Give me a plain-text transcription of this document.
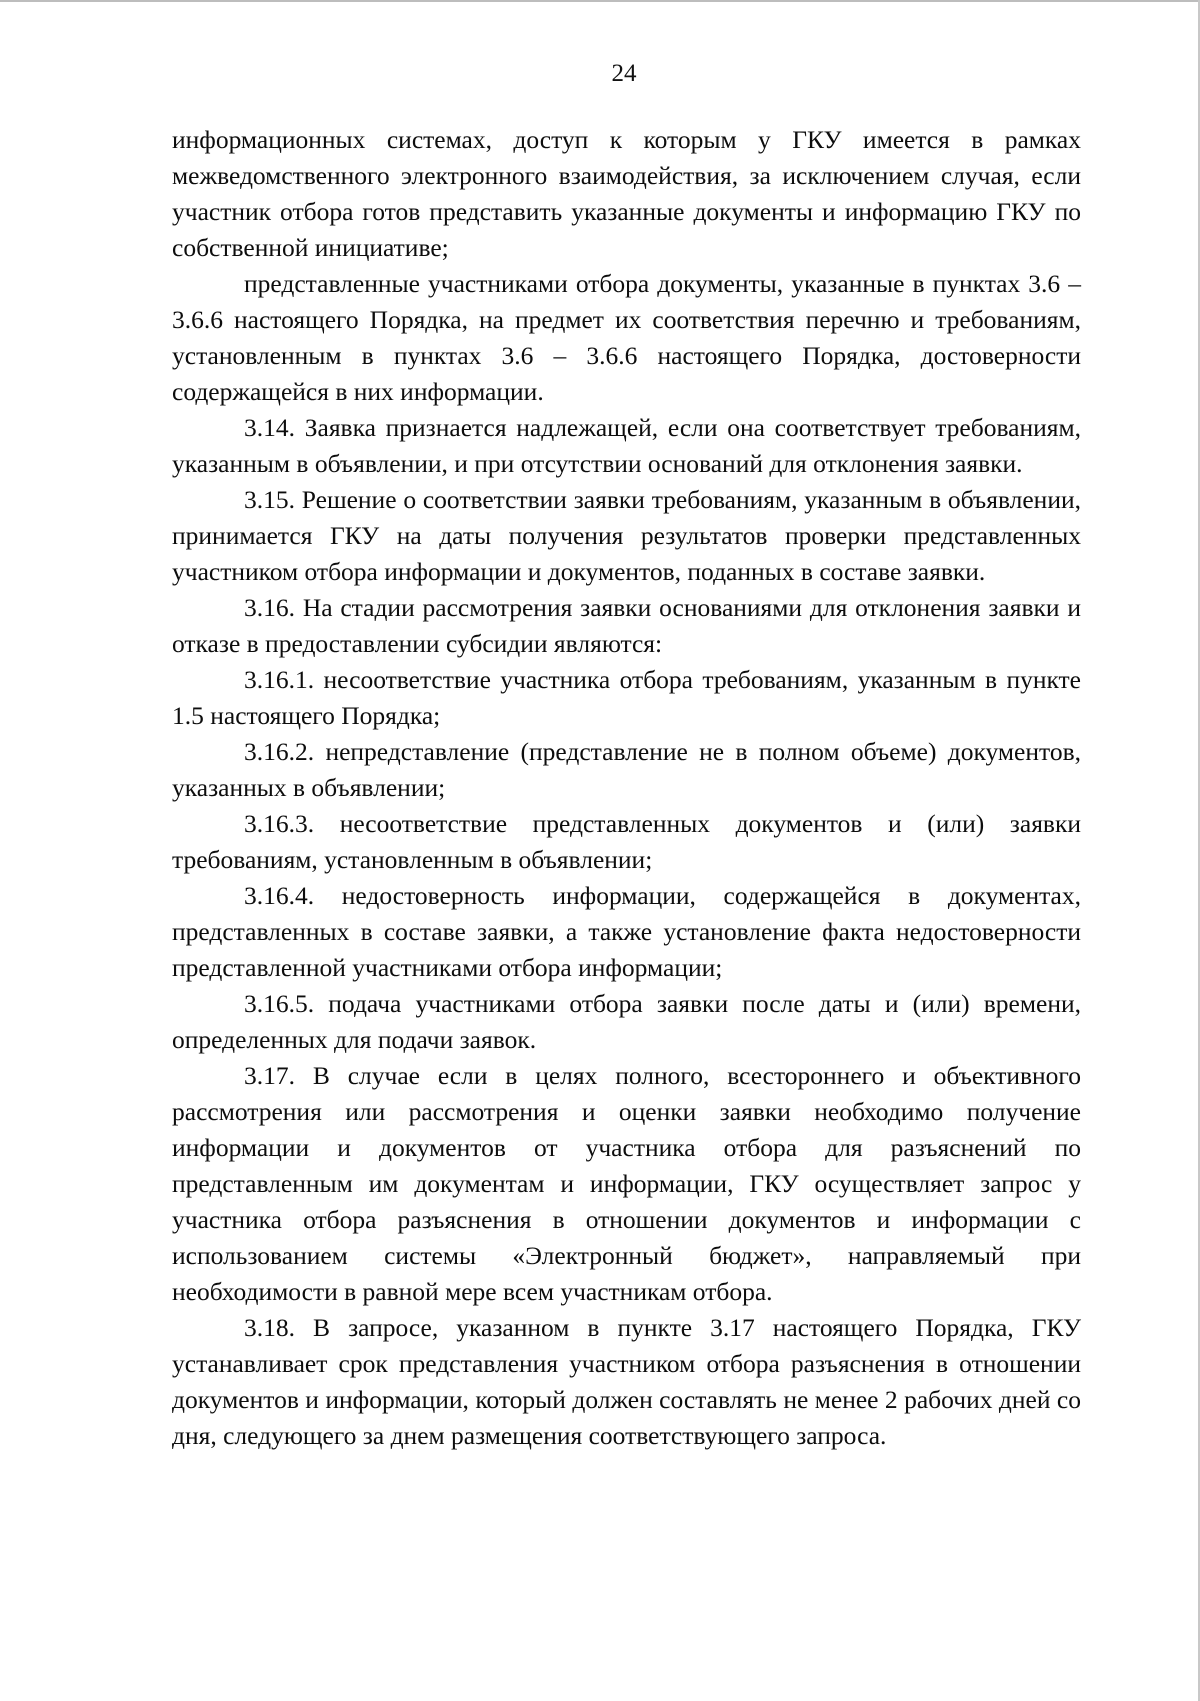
24

информационных системах, доступ к которым у ГКУ имеется в рамках межведомственного электронного взаимодействия, за исключением случая, если участник отбора готов представить указанные документы и информацию ГКУ по собственной инициативе;

представленные участниками отбора документы, указанные в пунктах 3.6 – 3.6.6 настоящего Порядка, на предмет их соответствия перечню и требованиям, установленным в пунктах 3.6 – 3.6.6 настоящего Порядка, достоверности содержащейся в них информации.

3.14. Заявка признается надлежащей, если она соответствует требованиям, указанным в объявлении, и при отсутствии оснований для отклонения заявки.

3.15. Решение о соответствии заявки требованиям, указанным в объявлении, принимается ГКУ на даты получения результатов проверки представленных участником отбора информации и документов, поданных в составе заявки.

3.16. На стадии рассмотрения заявки основаниями для отклонения заявки и отказе в предоставлении субсидии являются:

3.16.1. несоответствие участника отбора требованиям, указанным в пункте 1.5 настоящего Порядка;

3.16.2. непредставление (представление не в полном объеме) документов, указанных в объявлении;

3.16.3. несоответствие представленных документов и (или) заявки требованиям, установленным в объявлении;

3.16.4. недостоверность информации, содержащейся в документах, представленных в составе заявки, а также установление факта недостоверности представленной участниками отбора информации;

3.16.5. подача участниками отбора заявки после даты и (или) времени, определенных для подачи заявок.

3.17. В случае если в целях полного, всестороннего и объективного рассмотрения или рассмотрения и оценки заявки необходимо получение информации и документов от участника отбора для разъяснений по представленным им документам и информации, ГКУ осуществляет запрос у участника отбора разъяснения в отношении документов и информации с использованием системы «Электронный бюджет», направляемый при необходимости в равной мере всем участникам отбора.

3.18. В запросе, указанном в пункте 3.17 настоящего Порядка, ГКУ устанавливает срок представления участником отбора разъяснения в отношении документов и информации, который должен составлять не менее 2 рабочих дней со дня, следующего за днем размещения соответствующего запроса.
